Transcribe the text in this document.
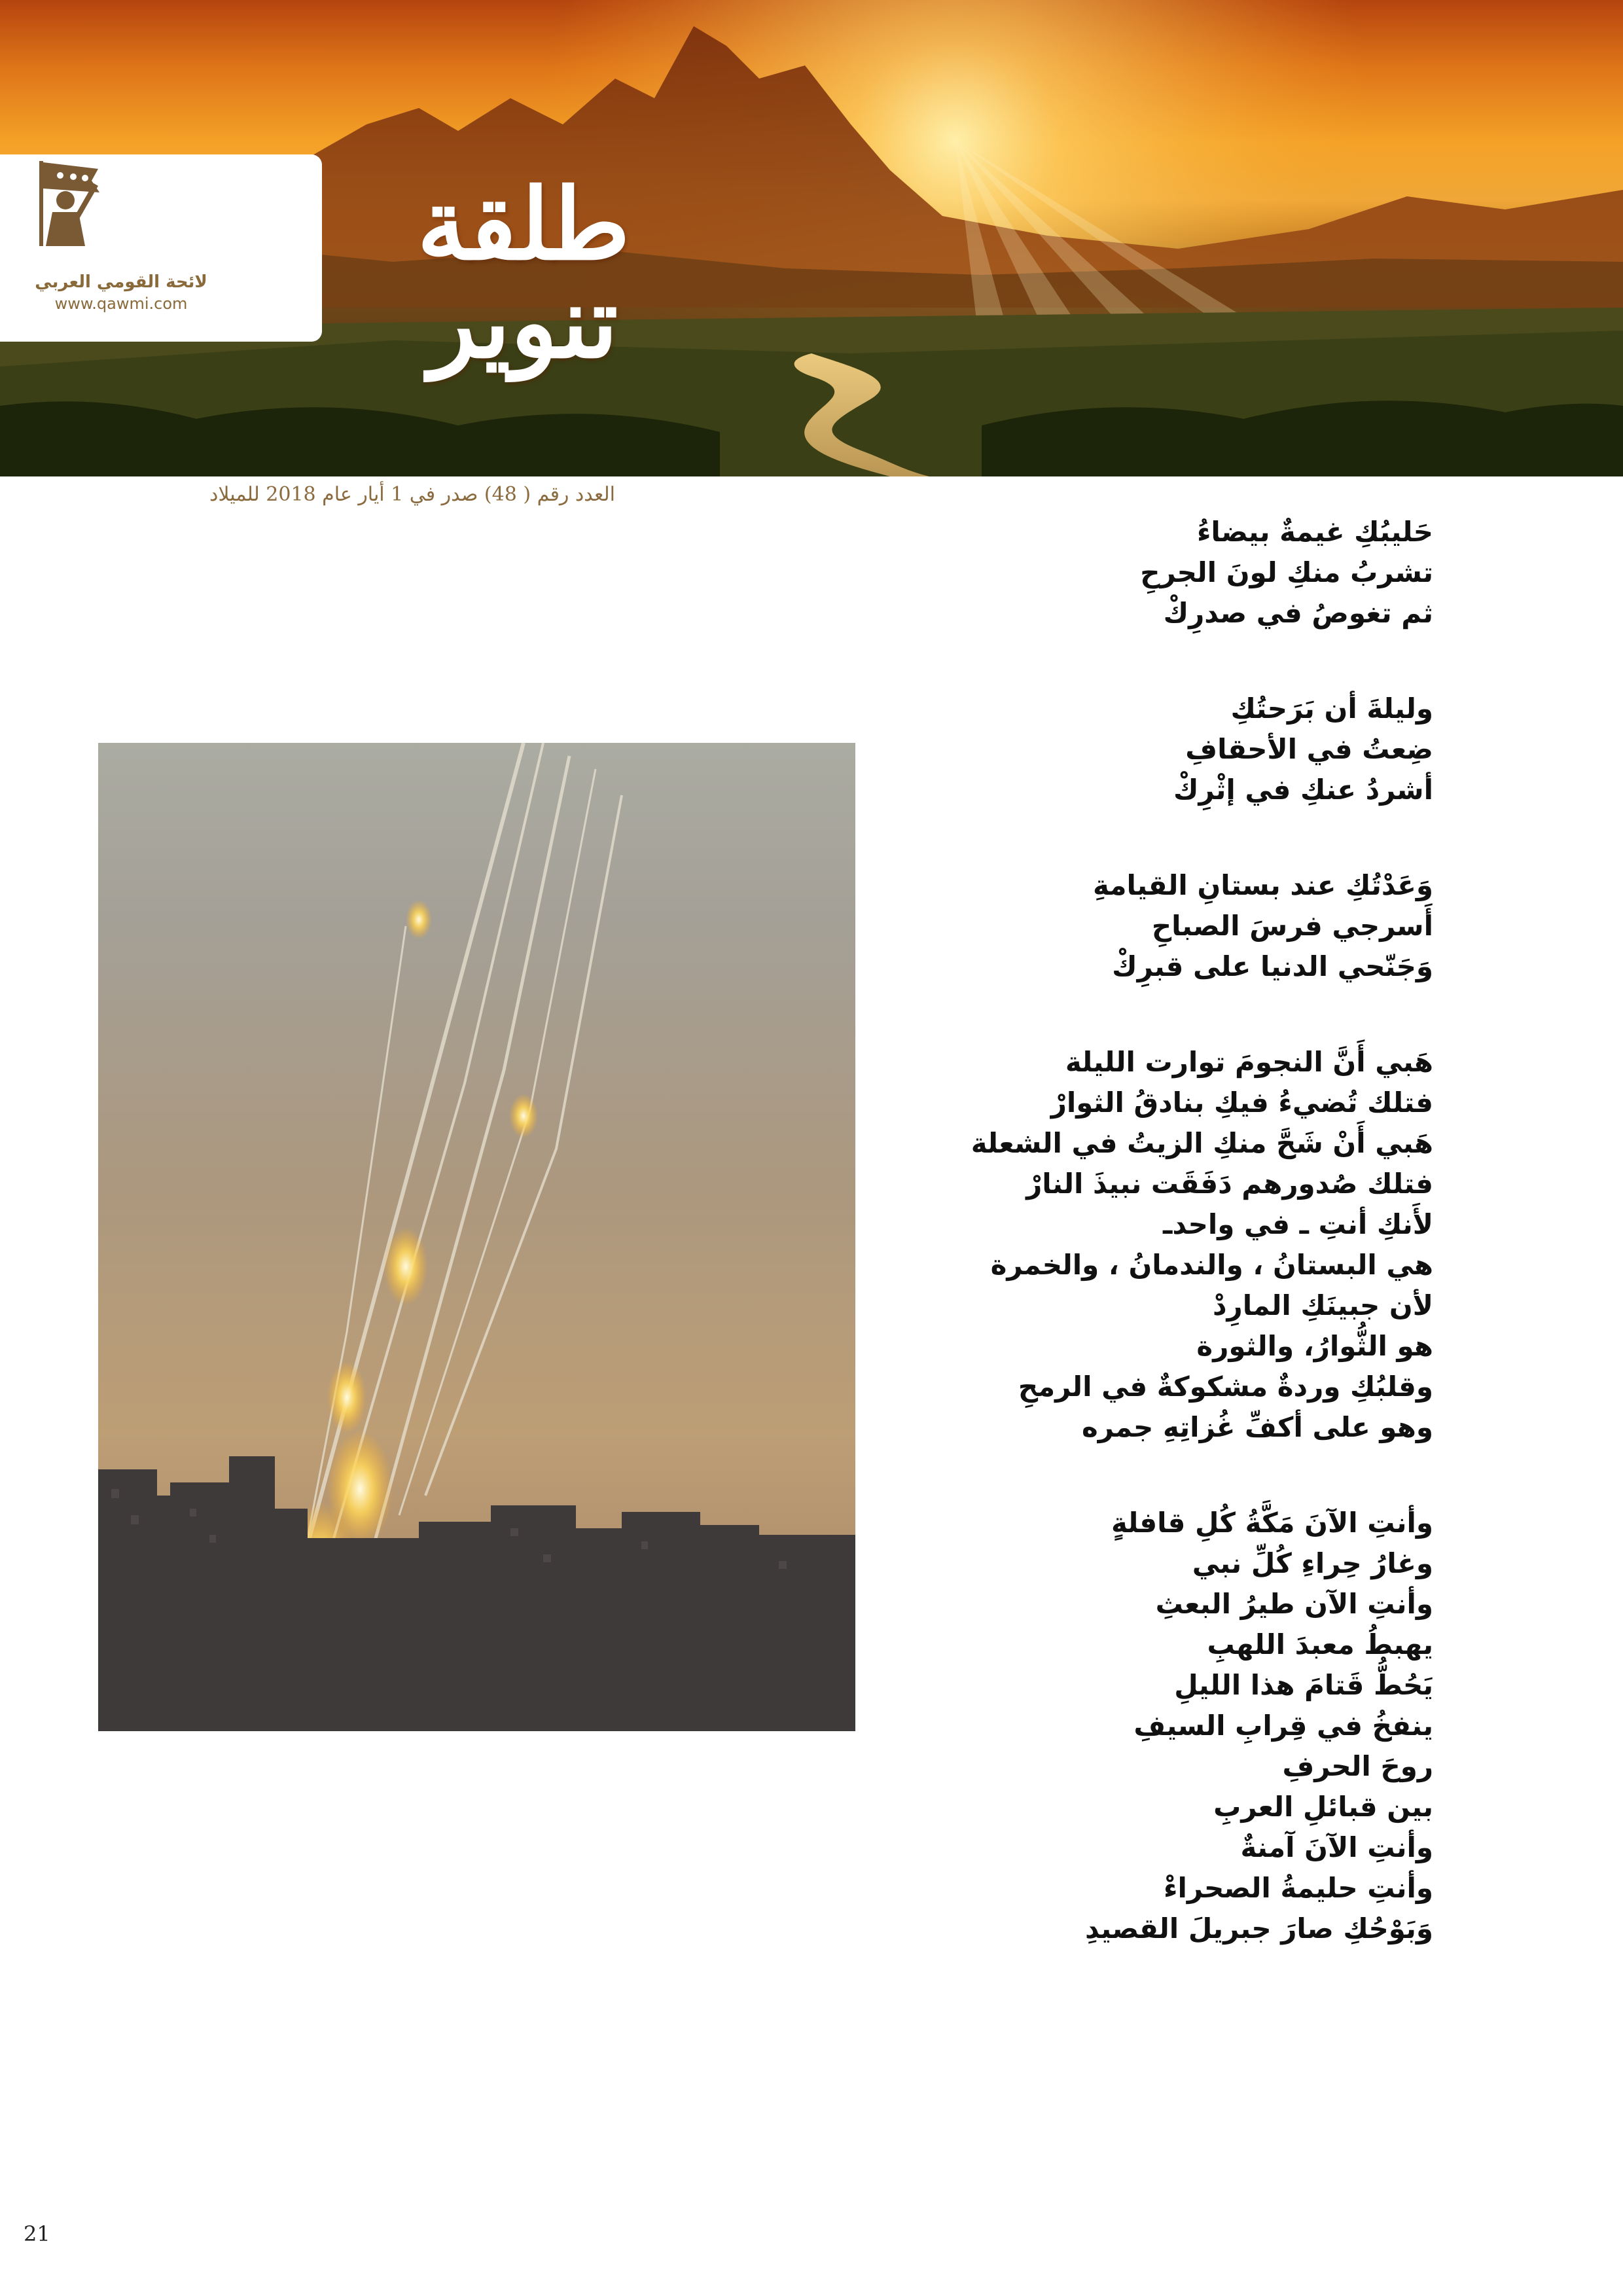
لائحة القومي العربي
www.qawmi.com
طلقة تنوير
العدد رقم ( 48) صدر في 1 أيار عام 2018 للميلاد
حَليبُكِ غيمةٌ بيضاءُ
تشربُ منكِ لونَ الجرحِ
ثم تغوصُ في صدرِكْ
وليلةَ أن بَرَحتُكِ
ضِعتُ في الأحقافِ
أشردُ عنكِ في إثْرِكْ
وَعَدْتُكِ عند بستانِ القيامةِ
أَسرجي فرسَ الصباحِ
وَجَنّحي الدنيا على قبرِكْ
هَبي أَنَّ النجومَ توارت الليلة
فتلك تُضيءُ فيكِ بنادقُ الثوارْ
هَبي أَنْ شَحَّ منكِ الزيتُ في الشعلة
فتلك صُدورهم دَفَقَت نبيذَ النارْ
لأَنكِ أنتِ ـ في واحدـ
هي البستانُ ، والندمانُ ، والخمرة
لأن جبينَكِ المارِدْ
هو الثُّوارُ، والثورة
وقلبُكِ وردةٌ مشكوكةٌ في الرمحِ
وهو على أكفِّ غُزاتِهِ جمره
وأنتِ الآنَ مَكَّةُ كُلِ قافلةٍ
وغارُ حِراءِ كُلِّ نبي
وأنتِ الآن طيرُ البعثِ
يهبطُ معبدَ اللهبِ
يَحُطُّ قَتامَ هذا الليلِ
ينفخُ في قِرابِ السيفِ
روحَ الحرفِ
بين قبائلِ العربِ
وأنتِ الآنَ آمنةٌ
وأنتِ حليمةُ الصحراءْ
وَبَوْحُكِ صارَ جبريلَ القصيدِ
21
